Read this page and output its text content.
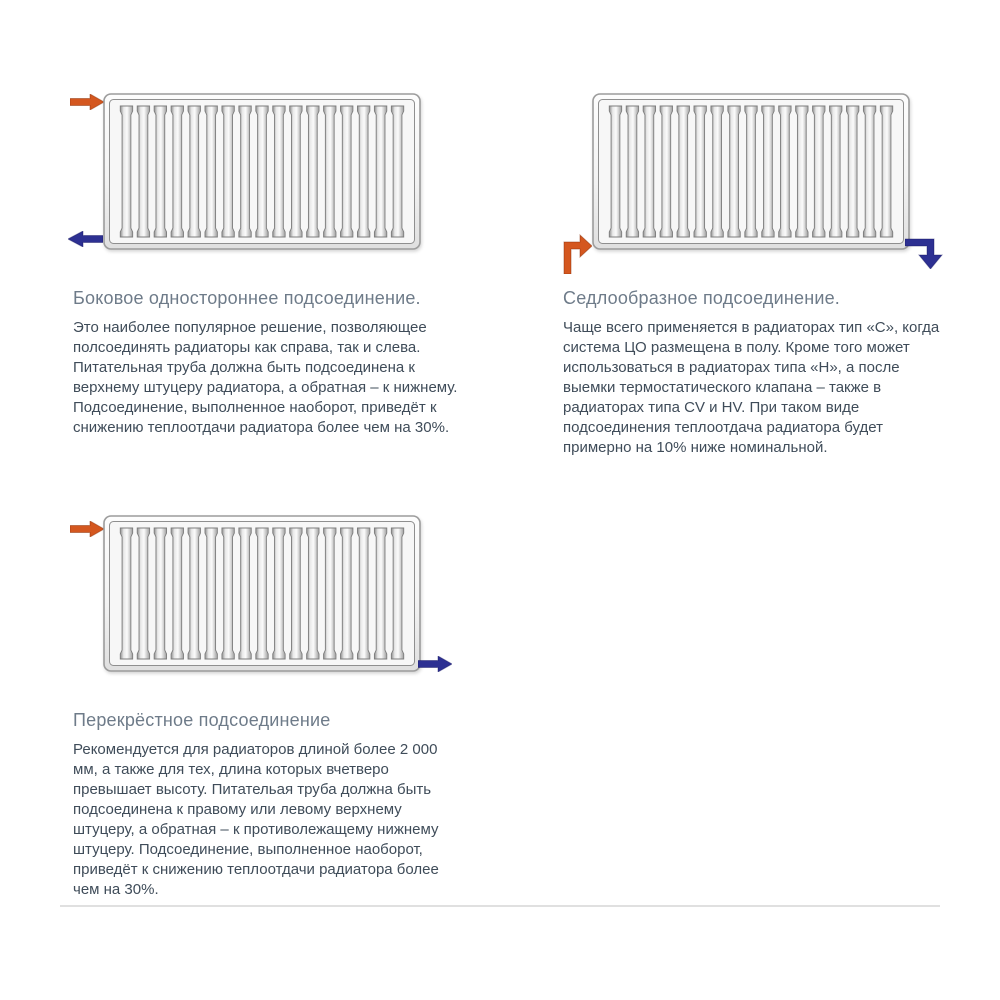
Боковое одностороннее подсоединение.

Это наиболее популярное решение, позволяющее полсоединять радиаторы как справа, так и слева. Питательная труба должна быть подсоединена к верхнему штуцеру радиатора, а обратная – к нижнему. Подсоединение, выполненное наоборот, приведёт к снижению теплоотдачи радиатора более чем на 30%.

Седлообразное подсоединение.

Чаще всего применяется в радиаторах тип «C», когда система ЦО размещена в полу. Кроме того может использоваться в радиаторах типа «H», а после выемки термостатического клапана – также в радиаторах типа CV и HV. При таком виде подсоединения теплоотдача радиатора будет примерно на 10% ниже номинальной.

Перекрёстное подсоединение

Рекомендуется для радиаторов длиной более 2 000 мм, а также для тех, длина которых вчетверо превышает высоту. Питательая труба должна быть подсоединена к правому или левому верхнему штуцеру, а обратная – к противолежащему нижнему штуцеру. Подсоединение, выполненное наоборот, приведёт к снижению теплоотдачи радиатора более чем на 30%.
